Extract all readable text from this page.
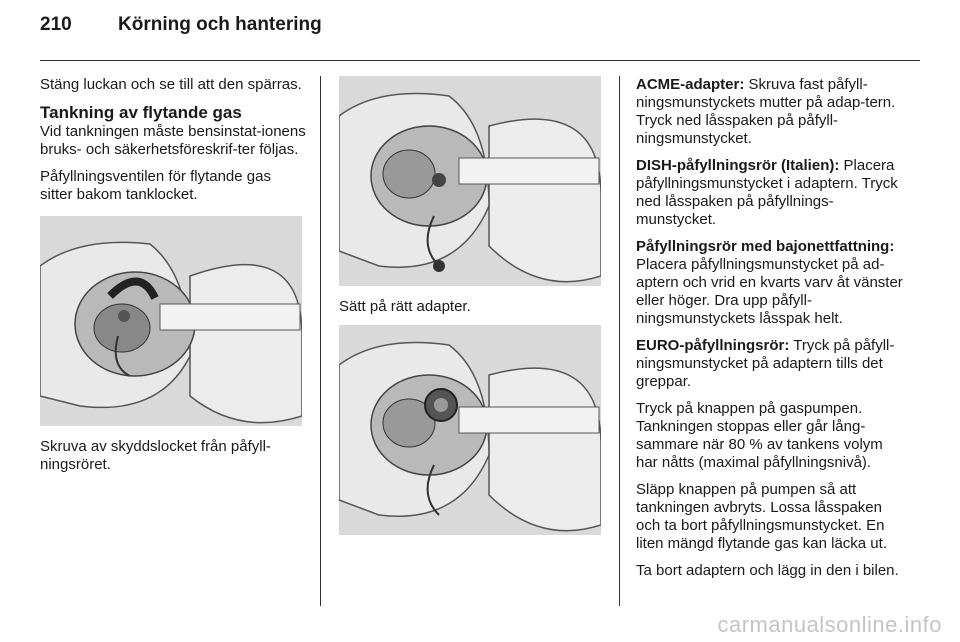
210 Körning och hantering

Stäng luckan och se till att den spärras.

Tankning av flytande gas

Vid tankningen måste bensinstat-ionens bruks- och säkerhetsföreskrif-ter följas.

Påfyllningsventilen för flytande gas sitter bakom tanklocket.

Skruva av skyddslocket från påfyll-ningsröret.

Sätt på rätt adapter.

ACME-adapter: Skruva fast påfyll-ningsmunstyckets mutter på adap-tern. Tryck ned låsspaken på påfyll-ningsmunstycket.

DISH-påfyllningsrör (Italien): Placera påfyllningsmunstycket i adaptern. Tryck ned låsspaken på påfyllnings-munstycket.

Påfyllningsrör med bajonettfattning: Placera påfyllningsmunstycket på ad-aptern och vrid en kvarts varv åt vänster eller höger. Dra upp påfyll-ningsmunstyckets låsspak helt.

EURO-påfyllningsrör: Tryck på påfyll-ningsmunstycket på adaptern tills det greppar.

Tryck på knappen på gaspumpen. Tankningen stoppas eller går lång-sammare när 80 % av tankens volym har nåtts (maximal påfyllningsnivå).

Släpp knappen på pumpen så att tankningen avbryts. Lossa låsspaken och ta bort påfyllningsmunstycket. En liten mängd flytande gas kan läcka ut.

Ta bort adaptern och lägg in den i bilen.

carmanualsonline.info
